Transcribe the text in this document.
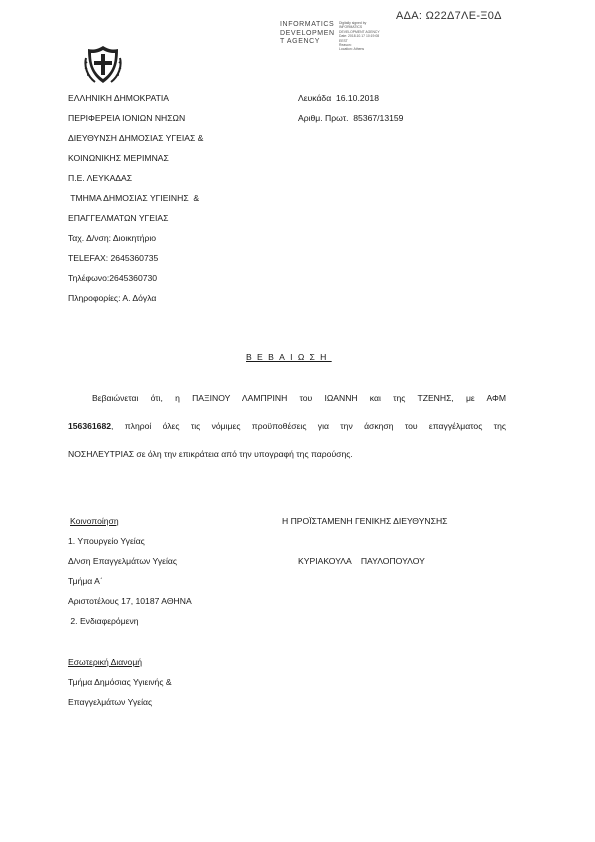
ΑΔΑ: Ω22Δ7ΛΕ-Ξ0Δ
INFORMATICS
DEVELOPMEN
T AGENCY
Digitally signed by
INFORMATICS
DEVELOPMENT AGENCY
Date: 2018.10.17 10:19:08
EEST
Reason:
Location: Athens
ΕΛΛΗΝΙΚΗ ΔΗΜΟΚΡΑΤΙΑ
ΠΕΡΙΦΕΡΕΙΑ ΙΟΝΙΩΝ ΝΗΣΩΝ
ΔΙΕΥΘΥΝΣΗ ΔΗΜΟΣΙΑΣ ΥΓΕΙΑΣ &
ΚΟΙΝΩΝΙΚΗΣ ΜΕΡΙΜΝΑΣ
Π.Ε. ΛΕΥΚΑΔΑΣ
ΤΜΗΜΑ ΔΗΜΟΣΙΑΣ ΥΓΙΕΙΝΗΣ  &
ΕΠΑΓΓΕΛΜΑΤΩΝ ΥΓΕΙΑΣ
Ταχ. Δ/νση: Διοικητήριο
TELEFAX: 2645360735
Τηλέφωνο:2645360730
Πληροφορίες: Α. Δόγλα
Λευκάδα  16.10.2018
Αριθμ. Πρωτ.  85367/13159
ΒΕΒΑΙΩΣΗ

Βεβαιώνεται ότι, η ΠΑΞΙΝΟΥ ΛΑΜΠΡΙΝΗ του ΙΩΑΝΝΗ και της ΤΖΕΝΗΣ, με ΑΦΜ

156361682, πληροί όλες τις νόμιμες προϋποθέσεις για την άσκηση του επαγγέλματος της

ΝΟΣΗΛΕΥΤΡΙΑΣ σε όλη την επικράτεια από την υπογραφή της παρούσης.

Κοινοποίηση
1. Υπουργείο Υγείας
Δ/νση Επαγγελμάτων Υγείας
Τμήμα Α΄
Αριστοτέλους 17, 10187 ΑΘΗΝΑ
2. Ενδιαφερόμενη
Η ΠΡΟΪΣΤΑΜΕΝΗ ΓΕΝΙΚΗΣ ΔΙΕΥΘΥΝΣΗΣ
ΚΥΡΙΑΚΟΥΛΑ    ΠΑΥΛΟΠΟΥΛΟΥ
Εσωτερική Διανομή
Τμήμα Δημόσιας Υγιεινής &
Επαγγελμάτων Υγείας
